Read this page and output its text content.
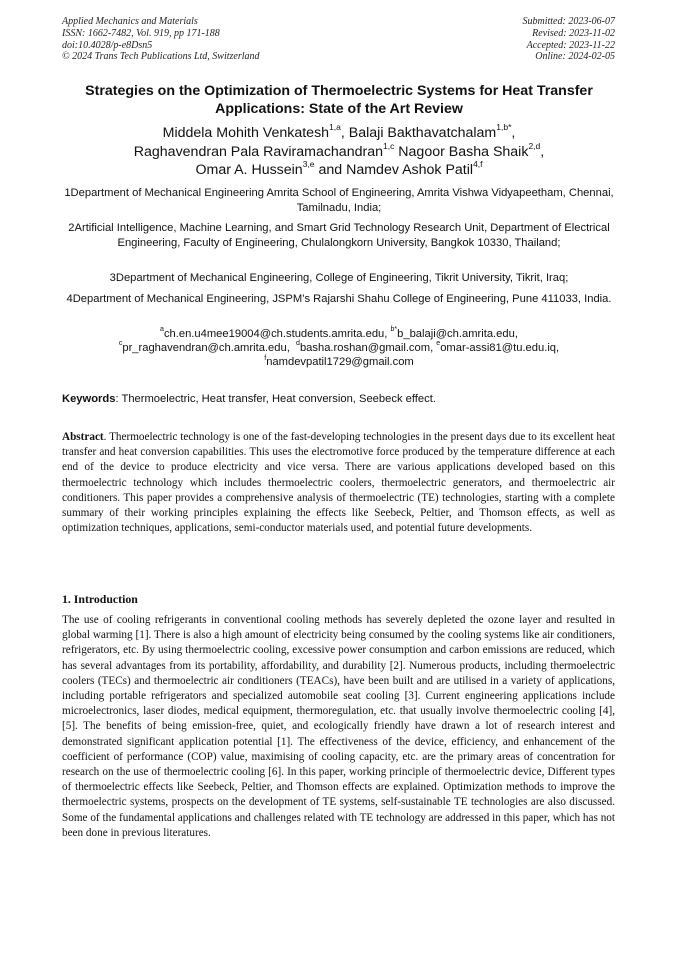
Applied Mechanics and Materials
ISSN: 1662-7482, Vol. 919, pp 171-188
doi:10.4028/p-e8Dsn5
© 2024 Trans Tech Publications Ltd, Switzerland
Submitted: 2023-06-07
Revised: 2023-11-02
Accepted: 2023-11-22
Online: 2024-02-05
Strategies on the Optimization of Thermoelectric Systems for Heat Transfer Applications: State of the Art Review
Middela Mohith Venkatesh$^{1,a}$, Balaji Bakthavatchalam$^{1,b*}$,
Raghavendran Pala Raviramachandran$^{1,c}$ Nagoor Basha Shaik$^{2,d}$,
Omar A. Hussein$^{3,e}$ and Namdev Ashok Patil$^{4,f}$
1Department of Mechanical Engineering Amrita School of Engineering, Amrita Vishwa Vidyapeetham, Chennai, Tamilnadu, India;
2Artificial Intelligence, Machine Learning, and Smart Grid Technology Research Unit, Department of Electrical Engineering, Faculty of Engineering, Chulalongkorn University, Bangkok 10330, Thailand;
3Department of Mechanical Engineering, College of Engineering, Tikrit University, Tikrit, Iraq;
4Department of Mechanical Engineering, JSPM’s Rajarshi Shahu College of Engineering, Pune 411033, India.
$^a$ch.en.u4mee19004@ch.students.amrita.edu, $^{b*}$b_balaji@ch.amrita.edu,
$^c$pr_raghavendran@ch.amrita.edu,  $^d$basha.roshan@gmail.com, $^e$omar-assi81@tu.edu.iq,
$^f$namdevpatil1729@gmail.com
Keywords: Thermoelectric, Heat transfer, Heat conversion, Seebeck effect.
Abstract. Thermoelectric technology is one of the fast-developing technologies in the present days due to its excellent heat transfer and heat conversion capabilities. This uses the electromotive force produced by the temperature difference at each end of the device to produce electricity and vice versa. There are various applications developed based on this thermoelectric technology which includes thermoelectric coolers, thermoelectric generators, and thermoelectric air conditioners. This paper provides a comprehensive analysis of thermoelectric (TE) technologies, starting with a complete summary of their working principles explaining the effects like Seebeck, Peltier, and Thomson effects, as well as optimization techniques, applications, semi-conductor materials used, and potential future developments.
1. Introduction
The use of cooling refrigerants in conventional cooling methods has severely depleted the ozone layer and resulted in global warming [1]. There is also a high amount of electricity being consumed by the cooling systems like air conditioners, refrigerators, etc. By using thermoelectric cooling, excessive power consumption and carbon emissions are reduced, which has several advantages from its portability, affordability, and durability [2]. Numerous products, including thermoelectric coolers (TECs) and thermoelectric air conditioners (TEACs), have been built and are utilised in a variety of applications, including portable refrigerators and specialized automobile seat cooling [3]. Current engineering applications include microelectronics, laser diodes, medical equipment, thermoregulation, etc. that usually involve thermoelectric cooling [4], [5]. The benefits of being emission-free, quiet, and ecologically friendly have drawn a lot of research interest and demonstrated significant application potential [1]. The effectiveness of the device, efficiency, and enhancement of the coefficient of performance (COP) value, maximising of cooling capacity, etc. are the primary areas of concentration for research on the use of thermoelectric cooling [6]. In this paper, working principle of thermoelectric device, Different types of thermoelectric effects like Seebeck, Peltier, and Thomson effects are explained. Optimization methods to improve the thermoelectric systems, prospects on the development of TE systems, self-sustainable TE technologies are also discussed. Some of the fundamental applications and challenges related with TE technology are addressed in this paper, which has not been done in previous literatures.
